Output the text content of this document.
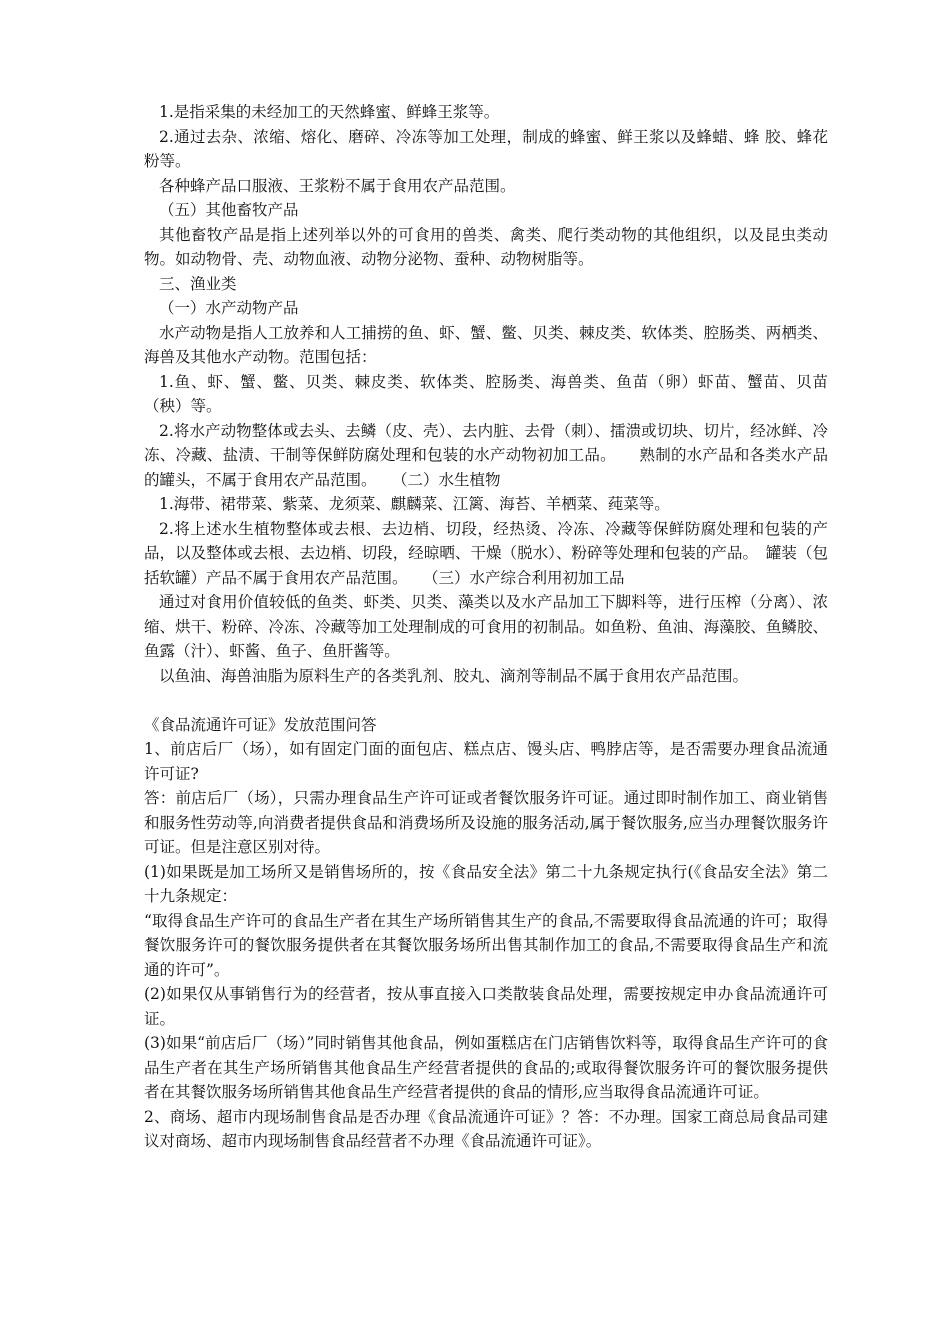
1.是指采集的未经加工的天然蜂蜜、鲜蜂王浆等。

2.通过去杂、浓缩、熔化、磨碎、冷冻等加工处理，制成的蜂蜜、鲜王浆以及蜂蜡、蜂 胶、蜂花粉等。

各种蜂产品口服液、王浆粉不属于食用农产品范围。

（五）其他畜牧产品

其他畜牧产品是指上述列举以外的可食用的兽类、禽类、爬行类动物的其他组织，以及昆虫类动物。如动物骨、壳、动物血液、动物分泌物、蚕种、动物树脂等。

三、渔业类

（一）水产动物产品

水产动物是指人工放养和人工捕捞的鱼、虾、蟹、鳖、贝类、棘皮类、软体类、腔肠类、两栖类、海兽及其他水产动物。范围包括：

1.鱼、虾、蟹、鳖、贝类、棘皮类、软体类、腔肠类、海兽类、鱼苗（卵）虾苗、蟹苗、贝苗（秧）等。

2.将水产动物整体或去头、去鳞（皮、壳）、去内脏、去骨（刺）、擂溃或切块、切片，经冰鲜、冷冻、冷藏、盐渍、干制等保鲜防腐处理和包装的水产动物初加工品。　　熟制的水产品和各类水产品的罐头，不属于食用农产品范围。　　（二）水生植物

1.海带、裙带菜、紫菜、龙须菜、麒麟菜、江篱、海苔、羊栖菜、莼菜等。

2.将上述水生植物整体或去根、去边梢、切段，经热烫、冷冻、冷藏等保鲜防腐处理和包装的产品，以及整体或去根、去边梢、切段，经晾晒、干燥（脱水）、粉碎等处理和包装的产品。　罐装（包括软罐）产品不属于食用农产品范围。　　（三）水产综合利用初加工品

通过对食用价值较低的鱼类、虾类、贝类、藻类以及水产品加工下脚料等，进行压榨（分离）、浓缩、烘干、粉碎、冷冻、冷藏等加工处理制成的可食用的初制品。如鱼粉、鱼油、海藻胶、鱼鳞胶、鱼露（汁）、虾酱、鱼子、鱼肝酱等。

以鱼油、海兽油脂为原料生产的各类乳剂、胶丸、滴剂等制品不属于食用农产品范围。

《食品流通许可证》发放范围问答

1、前店后厂（场），如有固定门面的面包店、糕点店、馒头店、鸭脖店等，是否需要办理食品流通许可证?

答：前店后厂（场），只需办理食品生产许可证或者餐饮服务许可证。通过即时制作加工、商业销售和服务性劳动等,向消费者提供食品和消费场所及设施的服务活动,属于餐饮服务,应当办理餐饮服务许可证。但是注意区别对待。

(1)如果既是加工场所又是销售场所的，按《食品安全法》第二十九条规定执行(《食品安全法》第二十九条规定：

“取得食品生产许可的食品生产者在其生产场所销售其生产的食品,不需要取得食品流通的许可；取得餐饮服务许可的餐饮服务提供者在其餐饮服务场所出售其制作加工的食品,不需要取得食品生产和流通的许可”。

(2)如果仅从事销售行为的经营者，按从事直接入口类散装食品处理，需要按规定申办食品流通许可证。

(3)如果“前店后厂（场）”同时销售其他食品，例如蛋糕店在门店销售饮料等，取得食品生产许可的食品生产者在其生产场所销售其他食品生产经营者提供的食品的;或取得餐饮服务许可的餐饮服务提供者在其餐饮服务场所销售其他食品生产经营者提供的食品的情形,应当取得食品流通许可证。

2、商场、超市内现场制售食品是否办理《食品流通许可证》？答：不办理。国家工商总局食品司建议对商场、超市内现场制售食品经营者不办理《食品流通许可证》。
